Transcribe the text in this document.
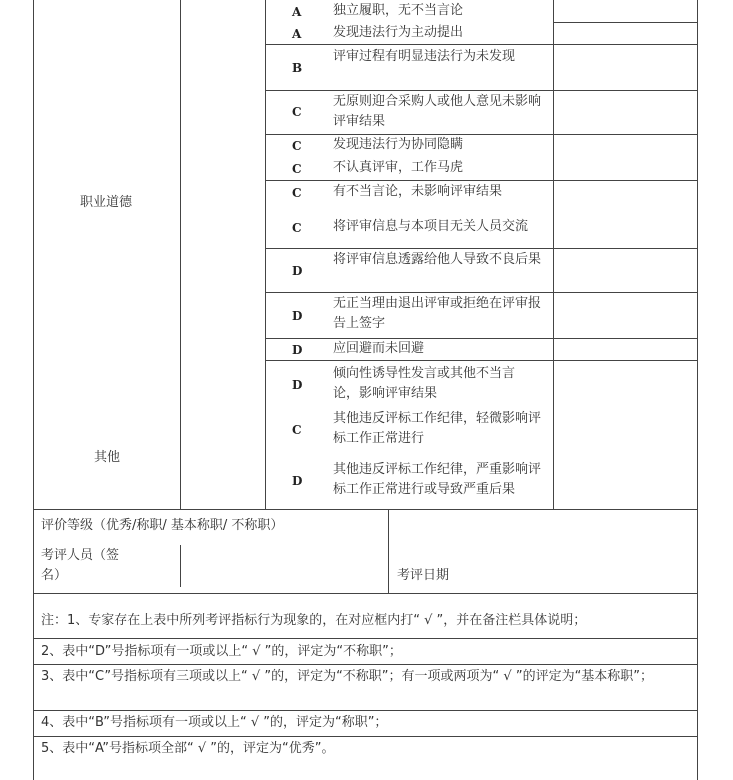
职业道德
其他
A 独立履职，无不当言论
A 发现违法行为主动提出
B
评审过程有明显违法行为未发现
C
无原则迎合采购人或他人意见未影响评审结果
C 发现违法行为协同隐瞒
C 不认真评审，工作马虎
C 有不当言论，未影响评审结果
C 将评审信息与本项目无关人员交流
D
将评审信息透露给他人导致不良后果
D
无正当理由退出评审或拒绝在评审报告上签字
D 应回避而未回避
D
倾向性诱导性发言或其他不当言论，影响评审结果
C
其他违反评标工作纪律，轻微影响评标工作正常进行
D
其他违反评标工作纪律，严重影响评标工作正常进行或导致严重后果
评价等级（优秀/称职/ 基本称职/ 不称职）
考评人员（签名）	考评日期
注：1、专家存在上表中所列考评指标行为现象的，在对应框内打“ √ ”，并在备注栏具体说明；
2、表中“D”号指标项有一项或以上“ √ ”的，评定为“不称职”；
3、表中“C”号指标项有三项或以上“ √ ”的，评定为“不称职”；有一项或两项为“ √ ”的评定为“基本称职”；
4、表中“B”号指标项有一项或以上“ √ ”的，评定为“称职”；
5、表中“A”号指标项全部“ √ ”的，评定为“优秀”。
